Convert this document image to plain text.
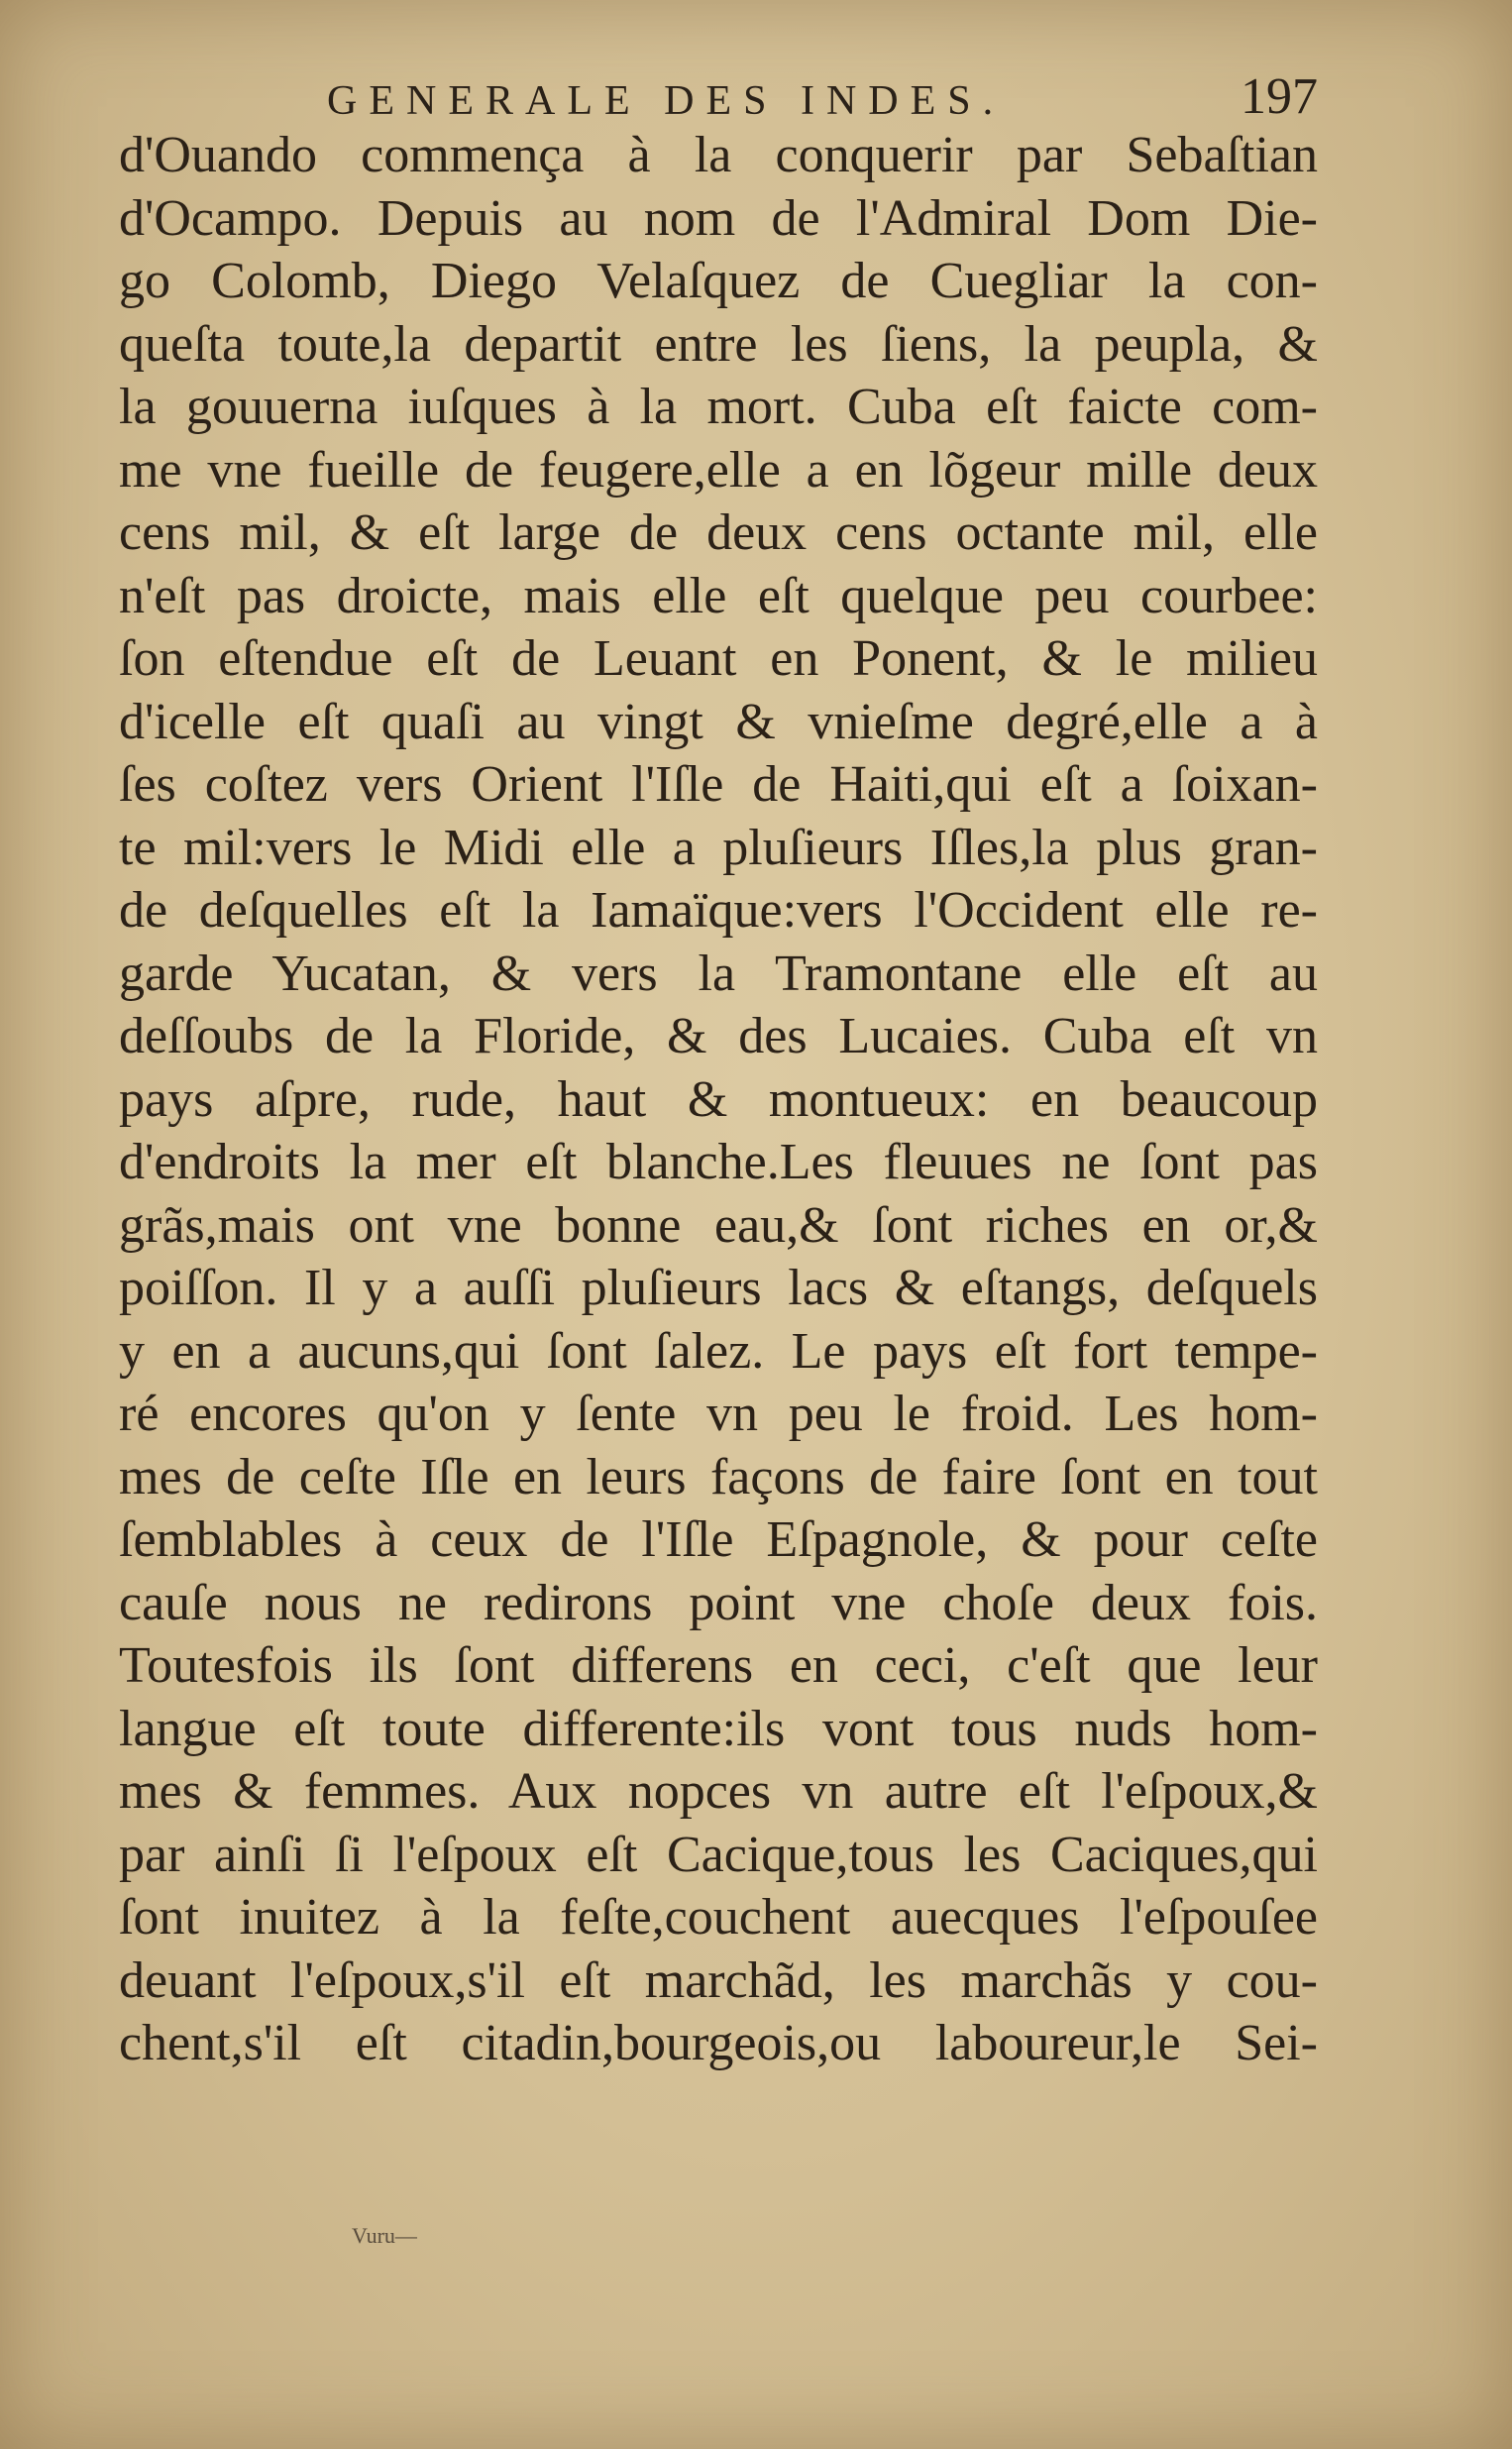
GENERALE DES INDES.	197
d'Ouando commença à la conquerir par Sebaſtian
d'Ocampo. Depuis au nom de l'Admiral Dom Die-
go Colomb, Diego Velaſquez de Cuegliar la con-
queſta toute,la departit entre les ſiens, la peupla, &
la gouuerna iuſques à la mort. Cuba eſt faicte com-
me vne fueille de feugere,elle a en lõgeur mille deux
cens mil, & eſt large de deux cens octante mil, elle
n'eſt pas droicte, mais elle eſt quelque peu courbee:
ſon eſtendue eſt de Leuant en Ponent, & le milieu
d'icelle eſt quaſi au vingt & vnieſme degré,elle a à
ſes coſtez vers Orient l'Iſle de Haiti,qui eſt a ſoixan-
te mil:vers le Midi elle a pluſieurs Iſles,la plus gran-
de deſquelles eſt la Iamaïque:vers l'Occident elle re-
garde Yucatan, & vers la Tramontane elle eſt au
deſſoubs de la Floride, & des Lucaies. Cuba eſt vn
pays aſpre, rude, haut & montueux: en beaucoup
d'endroits la mer eſt blanche.Les fleuues ne ſont pas
grãs,mais ont vne bonne eau,& ſont riches en or,&
poiſſon. Il y a auſſi pluſieurs lacs & eſtangs, deſquels
y en a aucuns,qui ſont ſalez. Le pays eſt fort tempe-
ré encores qu'on y ſente vn peu le froid. Les hom-
mes de ceſte Iſle en leurs façons de faire ſont en tout
ſemblables à ceux de l'Iſle Eſpagnole, & pour ceſte
cauſe nous ne redirons point vne choſe deux fois.
Toutesfois ils ſont differens en ceci, c'eſt que leur
langue eſt toute differente:ils vont tous nuds hom-
mes & femmes. Aux nopces vn autre eſt l'eſpoux,&
par ainſi ſi l'eſpoux eſt Cacique,tous les Caciques,qui
ſont inuitez à la feſte,couchent auecques l'eſpouſee
deuant l'eſpoux,s'il eſt marchãd, les marchãs y cou-
chent,s'il eſt citadin,bourgeois,ou laboureur,le Sei-
Vuru—
